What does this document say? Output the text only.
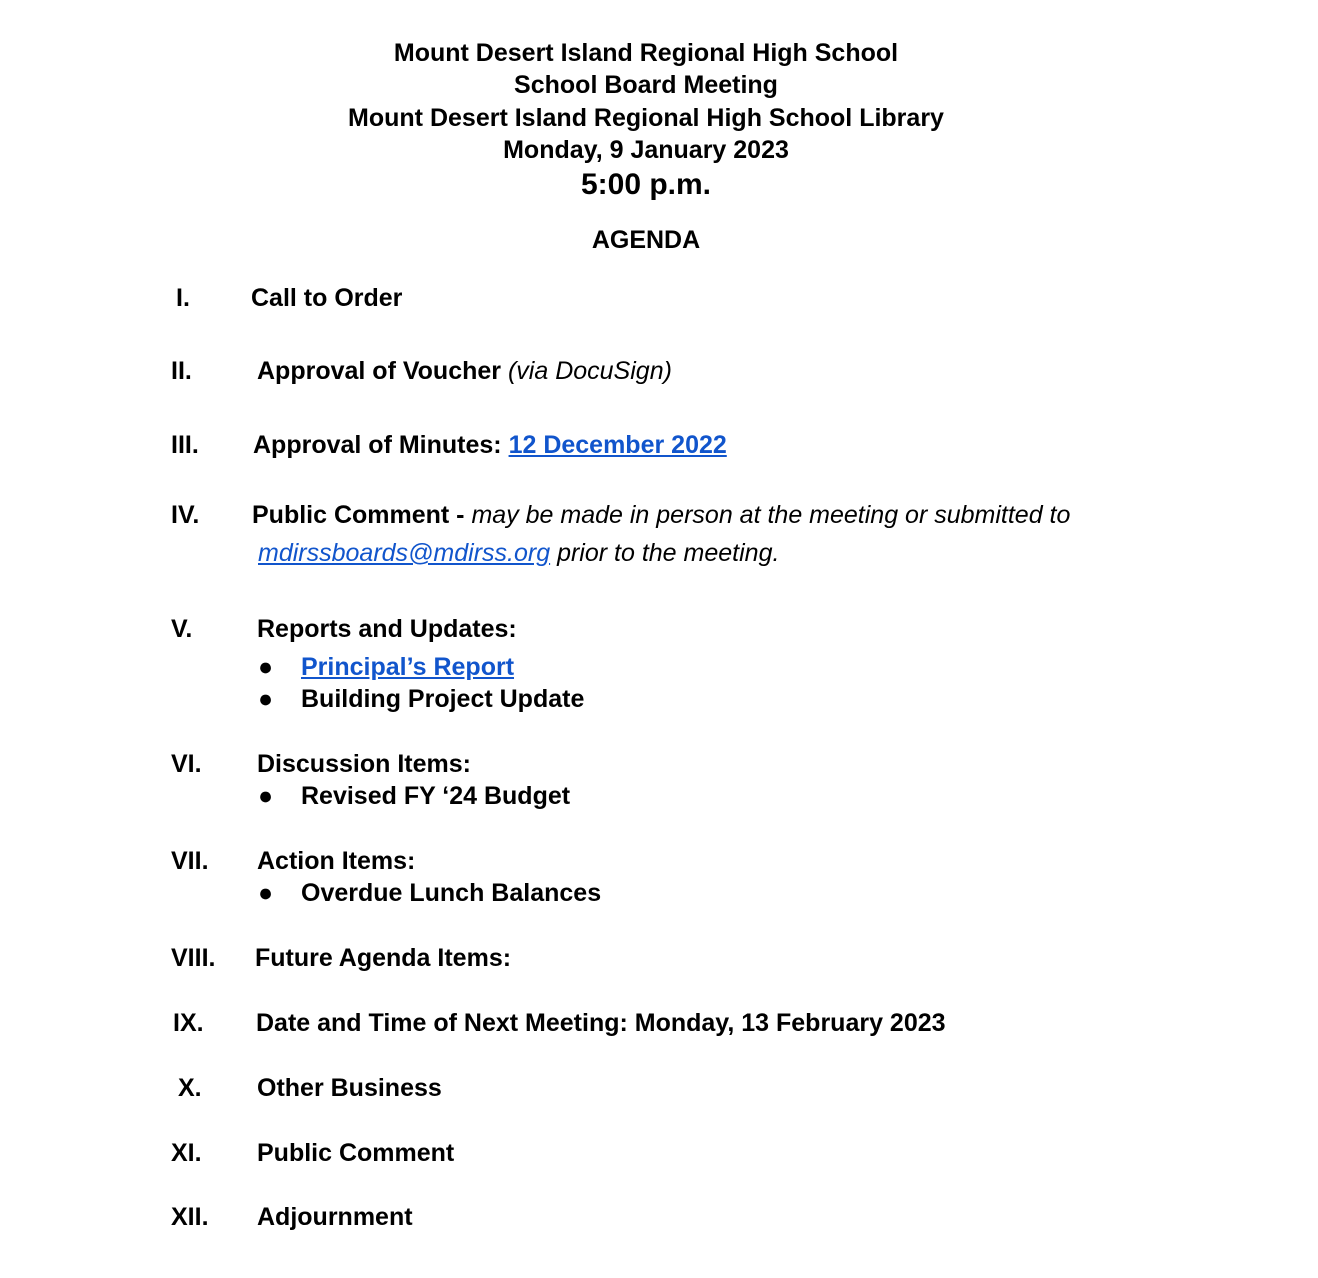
Mount Desert Island Regional High School
School Board Meeting
Mount Desert Island Regional High School Library
Monday, 9 January 2023
5:00 p.m.
AGENDA
I. Call to Order
II.	Approval of Voucher (via DocuSign)
III. Approval of Minutes: 12 December 2022
IV. Public Comment - may be made in person at the meeting or submitted to
mdirssboards@mdirss.org prior to the meeting.
V.	Reports and Updates:
● Principal’s Report
● Building Project Update
VI. Discussion Items:
● Revised FY ‘24 Budget
VII. Action Items:
● Overdue Lunch Balances
VIII. Future Agenda Items:
IX. Date and Time of Next Meeting: Monday, 13 February 2023
X. Other Business
XI. Public Comment
XII. Adjournment
